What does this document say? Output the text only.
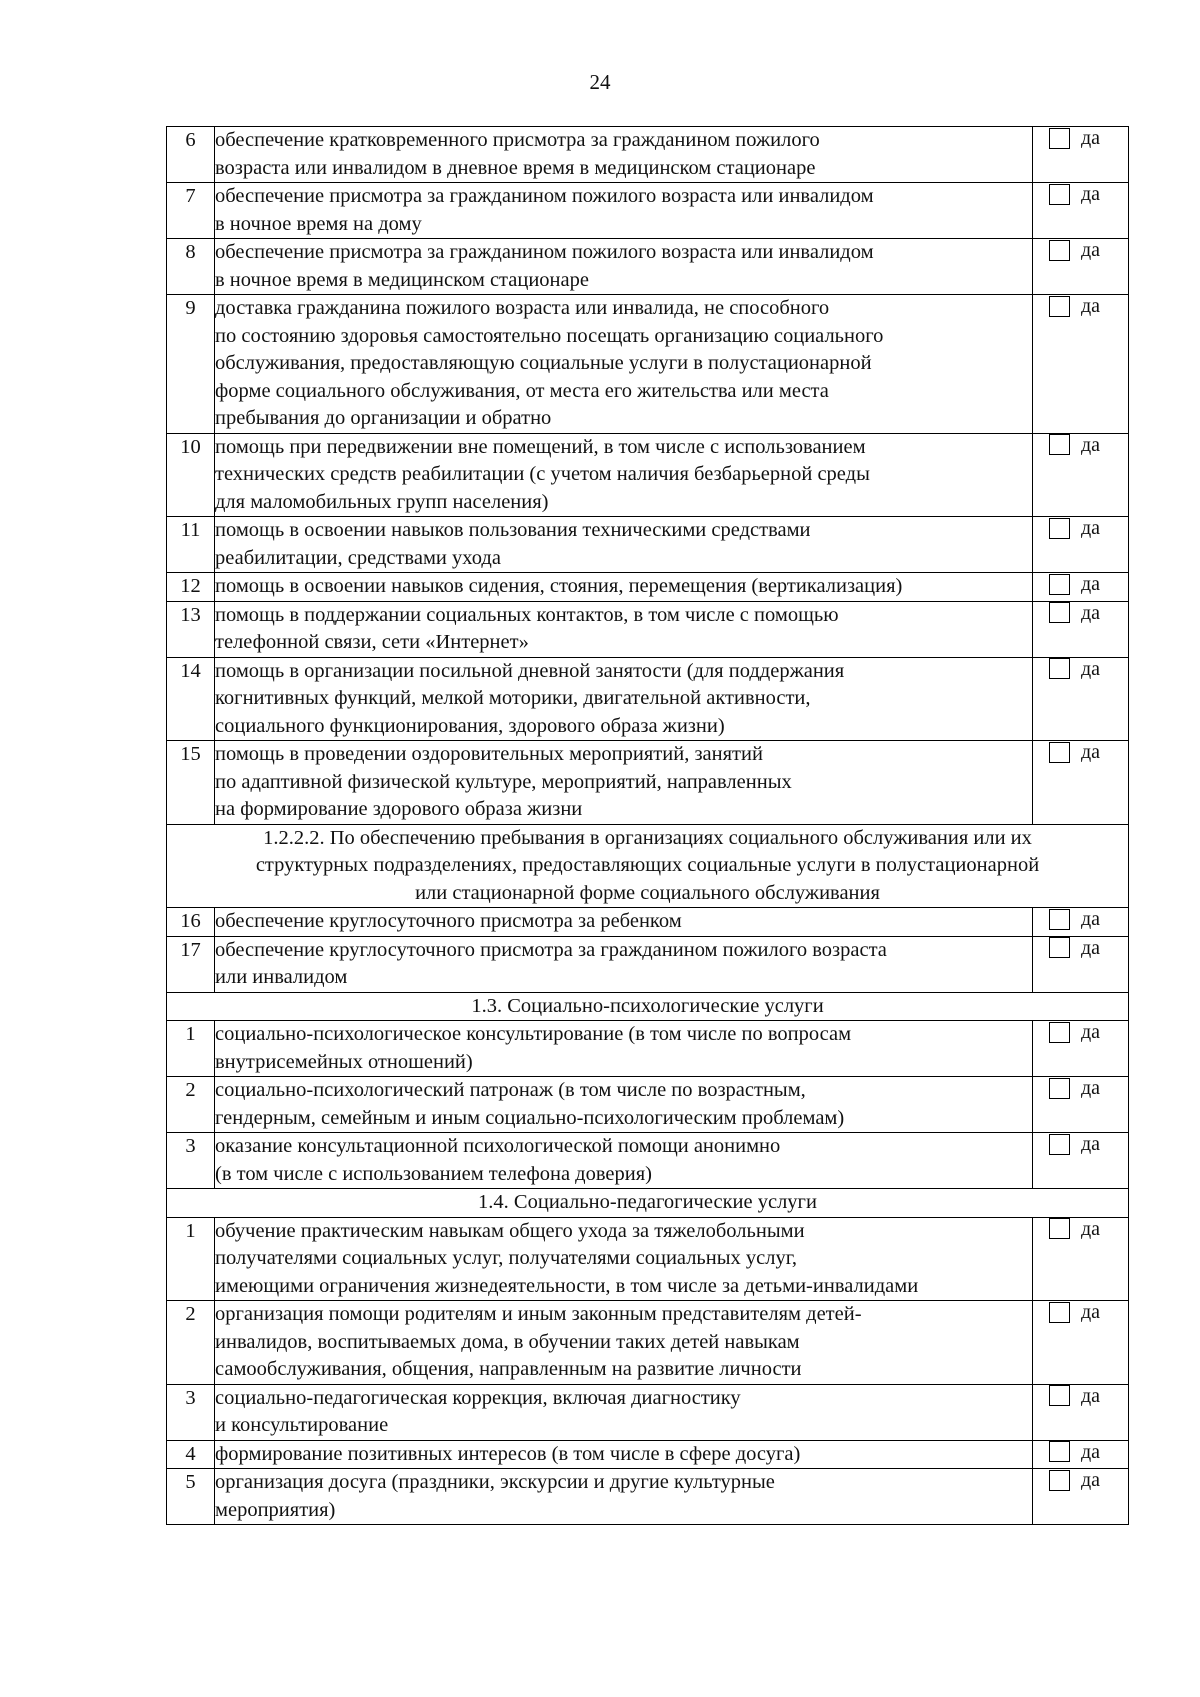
24
6	обеспечение кратковременного присмотра за гражданином пожилого
возраста или инвалидом в дневное время в медицинском стационаре	да

7	обеспечение присмотра за гражданином пожилого возраста или инвалидом
в ночное время на дому	да

8	обеспечение присмотра за гражданином пожилого возраста или инвалидом
в ночное время в медицинском стационаре	да

9	доставка гражданина пожилого возраста или инвалида, не способного
по состоянию здоровья самостоятельно посещать организацию социального
обслуживания, предоставляющую социальные услуги в полустационарной
форме социального обслуживания, от места его жительства или места
пребывания до организации и обратно	да

10	помощь при передвижении вне помещений, в том числе с использованием
технических средств реабилитации (с учетом наличия безбарьерной среды
для маломобильных групп населения)	да

11	помощь в освоении навыков пользования техническими средствами
реабилитации, средствами ухода	да

12	помощь в освоении навыков сидения, стояния, перемещения (вертикализация)	да

13	помощь в поддержании социальных контактов, в том числе с помощью
телефонной связи, сети «Интернет»	да

14	помощь в организации посильной дневной занятости (для поддержания
когнитивных функций, мелкой моторики, двигательной активности,
социального функционирования, здорового образа жизни)	да

15	помощь в проведении оздоровительных мероприятий, занятий
по адаптивной физической культуре, мероприятий, направленных
на формирование здорового образа жизни	да

1.2.2.2. По обеспечению пребывания в организациях социального обслуживания или их
структурных подразделениях, предоставляющих социальные услуги в полустационарной
или стационарной форме социального обслуживания		
16	обеспечение круглосуточного присмотра за ребенком	да

17	обеспечение круглосуточного присмотра за гражданином пожилого возраста
или инвалидом	да

1.3. Социально-психологические услуги		
1	социально-психологическое консультирование (в том числе по вопросам
внутрисемейных отношений)	да

2	социально-психологический патронаж (в том числе по возрастным,
гендерным, семейным и иным социально-психологическим проблемам)	да

3	оказание консультационной психологической помощи анонимно
(в том числе с использованием телефона доверия)	да

1.4. Социально-педагогические услуги		
1	обучение практическим навыкам общего ухода за тяжелобольными
получателями социальных услуг, получателями социальных услуг,
имеющими ограничения жизнедеятельности, в том числе за детьми-инвалидами	да

2	организация помощи родителям и иным законным представителям детей-
инвалидов, воспитываемых дома, в обучении таких детей навыкам
самообслуживания, общения, направленным на развитие личности	да

3	социально-педагогическая коррекция, включая диагностику
и консультирование	да

4	формирование позитивных интересов (в том числе в сфере досуга)	да

5	организация досуга (праздники, экскурсии и другие культурные
мероприятия)	да
